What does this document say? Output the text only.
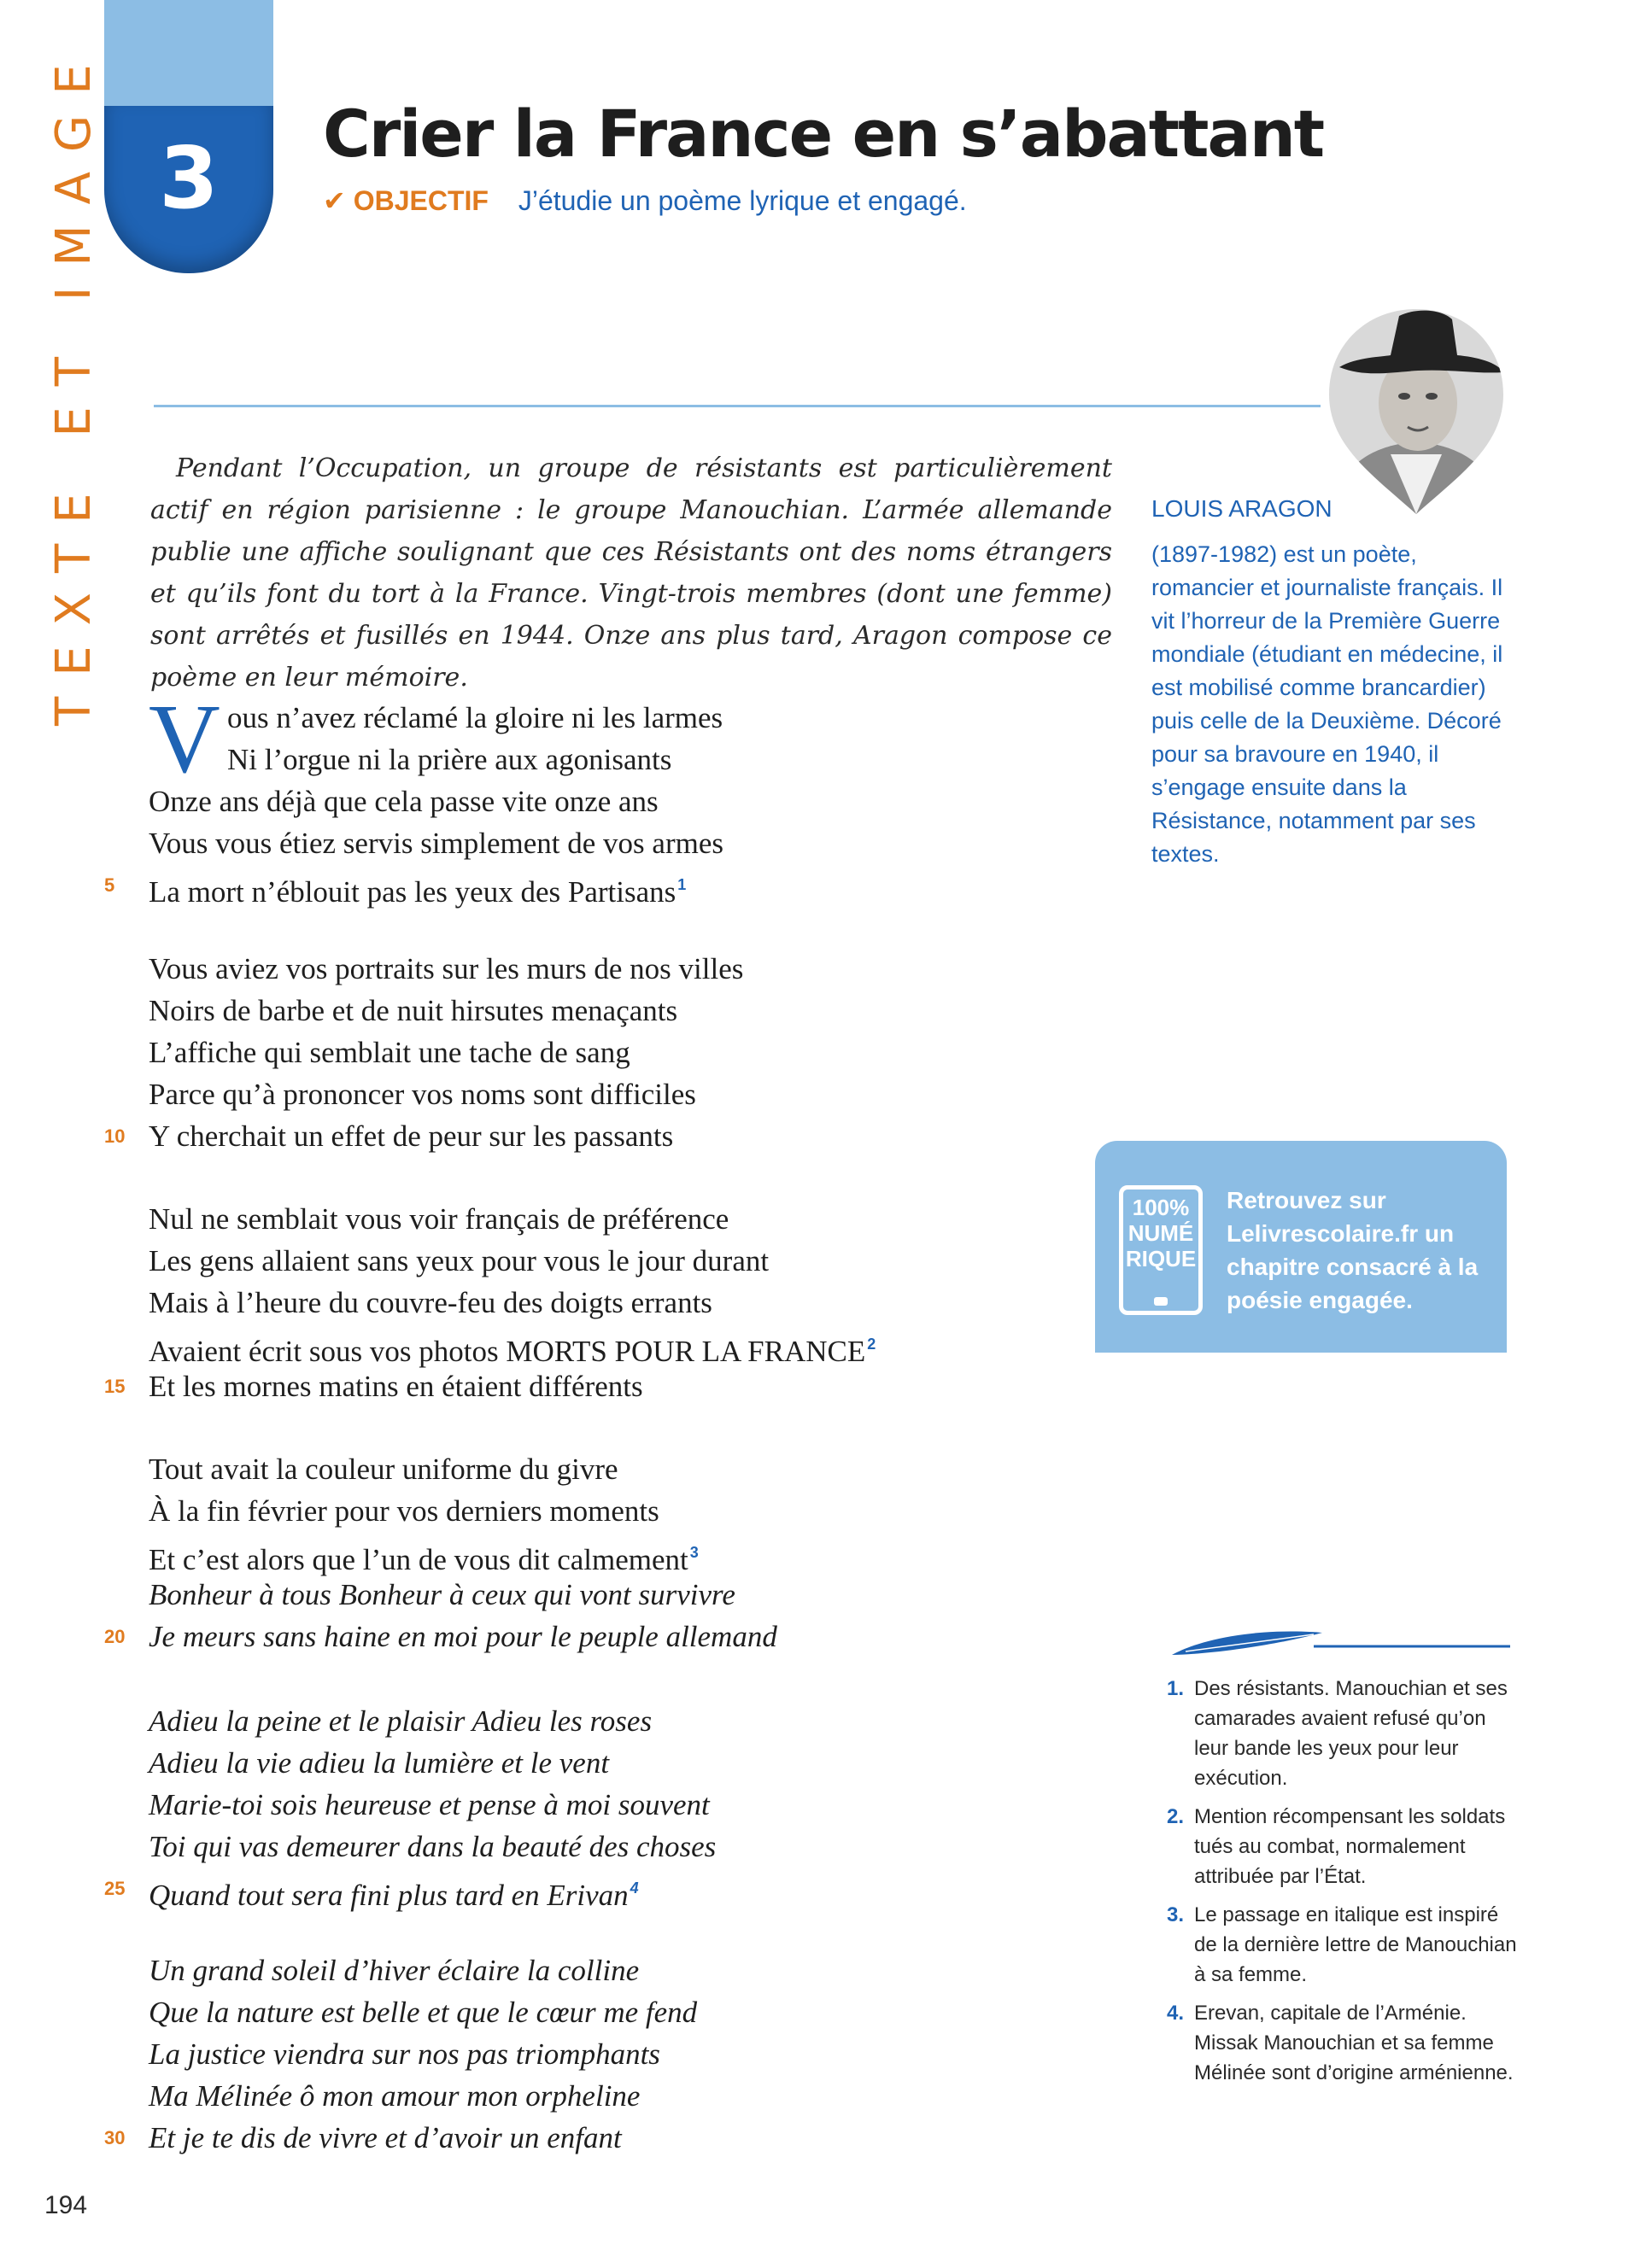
TEXTE ET IMAGE 3	Crier la France en s’abattant
✔ OBJECTIF J’étudie un poème lyrique et engagé.

Pendant l’Occupation, un groupe de résistants est particulièrement actif en région parisienne : le groupe Manouchian. L’armée allemande publie une affiche soulignant que ces Résistants ont des noms étrangers et qu’ils font du tort à la France. Vingt-trois membres (dont une femme) sont arrêtés et fusillés en 1944. Onze ans plus tard, Aragon compose ce poème en leur mémoire.

V ous n’avez réclamé la gloire ni les larmes
Ni l’orgue ni la prière aux agonisants
Onze ans déjà que cela passe vite onze ans
Vous vous étiez servis simplement de vos armes
La mort n’éblouit pas les yeux des Partisans $^1$
5
Vous aviez vos portraits sur les murs de nos villes
Noirs de barbe et de nuit hirsutes menaçants
L’affiche qui semblait une tache de sang
Parce qu’à prononcer vos noms sont difficiles
Y cherchait un effet de peur sur les passants
10
Nul ne semblait vous voir français de préférence
Les gens allaient sans yeux pour vous le jour durant
Mais à l’heure du couvre-feu des doigts errants
Avaient écrit sous vos photos MORTS POUR LA FRANCE $^2$
Et les mornes matins en étaient différents
15
Tout avait la couleur uniforme du givre
À la fin février pour vos derniers moments
Et c’est alors que l’un de vous dit calmement $^3$
Bonheur à tous Bonheur à ceux qui vont survivre
Je meurs sans haine en moi pour le peuple allemand
20
Adieu la peine et le plaisir Adieu les roses
Adieu la vie adieu la lumière et le vent
Marie-toi sois heureuse et pense à moi souvent
Toi qui vas demeurer dans la beauté des choses
Quand tout sera fini plus tard en Erivan $^4$
25
Un grand soleil d’hiver éclaire la colline
Que la nature est belle et que le cœur me fend
La justice viendra sur nos pas triomphants
Ma Mélinée ô mon amour mon orpheline
Et je te dis de vivre et d’avoir un enfant
30

LOUIS ARAGON

(1897-1982) est un poète, romancier et journaliste français. Il vit l’horreur de la Première Guerre mondiale (étudiant en médecine, il est mobilisé comme brancardier) puis celle de la Deuxième. Décoré pour sa bravoure en 1940, il s’engage ensuite dans la Résistance, notamment par ses textes.

100%
NUMÉ
RIQUE

Retrouvez sur Lelivrescolaire.fr un chapitre consacré à la poésie engagée.

1. Des résistants. Manouchian et ses camarades avaient refusé qu’on leur bande les yeux pour leur exécution.
2. Mention récompensant les soldats tués au combat, normalement attribuée par l’État.
3. Le passage en italique est inspiré de la dernière lettre de Manouchian à sa femme.
4. Erevan, capitale de l’Arménie. Missak Manouchian et sa femme Mélinée sont d’origine arménienne.

194
